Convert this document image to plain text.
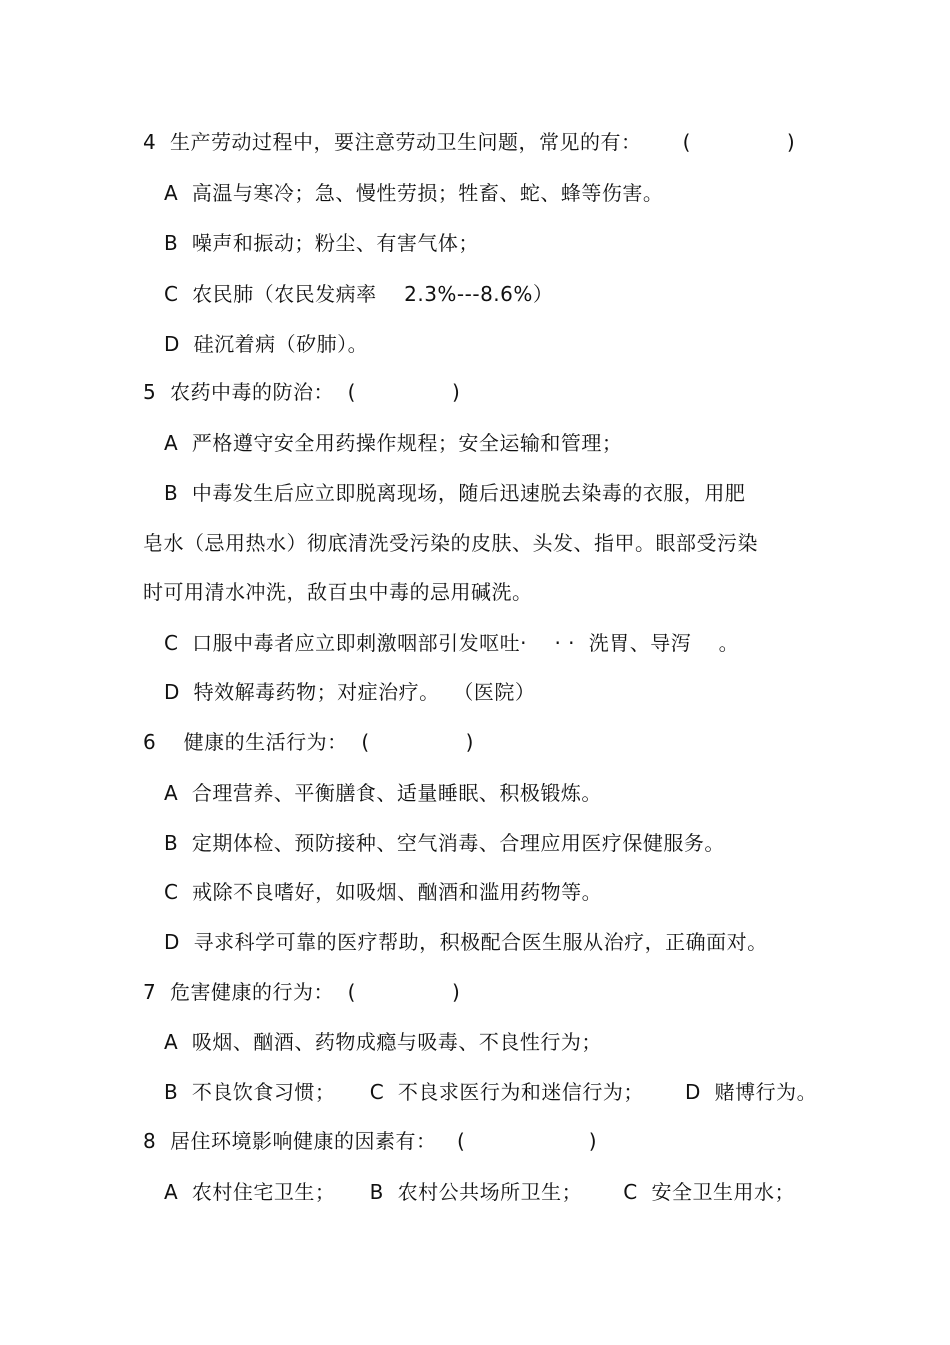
4  生产劳动过程中，要注意劳动卫生问题，常见的有：      (              )
A  高温与寒冷；急、慢性劳损；牲畜、蛇、蜂等伤害。
B  噪声和振动；粉尘、有害气体；
C  农民肺（农民发病率    2.3%---8.6%）
D  硅沉着病（矽肺）。
5  农药中毒的防治：  (              )
A  严格遵守安全用药操作规程；安全运输和管理；
B  中毒发生后应立即脱离现场，随后迅速脱去染毒的衣服，用肥
皂水（忌用热水）彻底清洗受污染的皮肤、头发、指甲。眼部受污染
时可用清水冲洗，敌百虫中毒的忌用碱洗。
C  口服中毒者应立即刺激咽部引发呕吐·    · ·  洗胃、导泻    。
D  特效解毒药物；对症治疗。  （医院）
6    健康的生活行为：  (              )
A  合理营养、平衡膳食、适量睡眠、积极锻炼。
B  定期体检、预防接种、空气消毒、合理应用医疗保健服务。
C  戒除不良嗜好，如吸烟、酗酒和滥用药物等。
D  寻求科学可靠的医疗帮助，积极配合医生服从治疗，正确面对。
7  危害健康的行为：  (              )
A  吸烟、酗酒、药物成瘾与吸毒、不良性行为；
B  不良饮食习惯；     C  不良求医行为和迷信行为；      D  赌博行为。
8  居住环境影响健康的因素有：   (                  )
A  农村住宅卫生；     B  农村公共场所卫生；      C  安全卫生用水；
